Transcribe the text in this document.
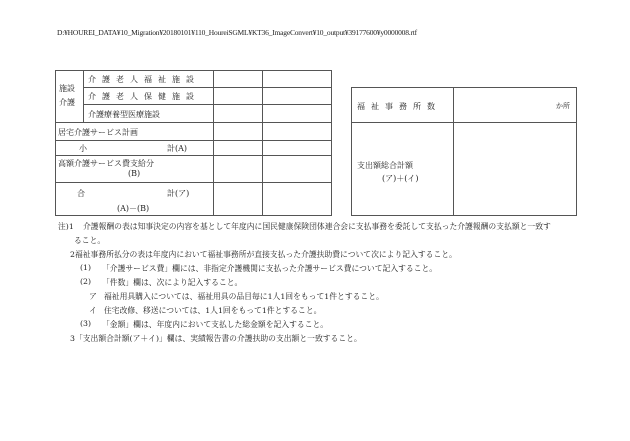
D:¥HOUREI_DATA¥10_Migration¥20180101¥110_HoureiSGML¥KT36_ImageConvert¥10_output¥39177600¥y0000008.rtf
施設
介護
介護老人福祉施設
介護老人保健施設
介護療養型医療施設
居宅介護サービス計画
小	計(A)
高額介護サービス費支給分
(B)
合	計(ア)
(A)－(B)
福祉事務所数	か所
支出額総合計額
(ア)＋(イ)
注)1 介護報酬の表は知事決定の内容を基として年度内に国民健康保険団体連合会に支払事務を委託して支払った介護報酬の支払額と一致す
ること。
2福祉事務所払分の表は年度内において福祉事務所が直接支払った介護扶助費について次により記入すること。
(1) 「介護サービス費」欄には、非指定介護機関に支払った介護サービス費について記入すること。
(2) 「件数」欄は、次により記入すること。
ア 福祉用具購入については、福祉用具の品目毎に1人1回をもって1件とすること。
イ 住宅改修、移送については、1人1回をもって1件とすること。
(3) 「金額」欄は、年度内において支払した総金額を記入すること。
3「支出額合計額(ア＋イ)」欄は、実績報告書の介護扶助の支出額と一致すること。
